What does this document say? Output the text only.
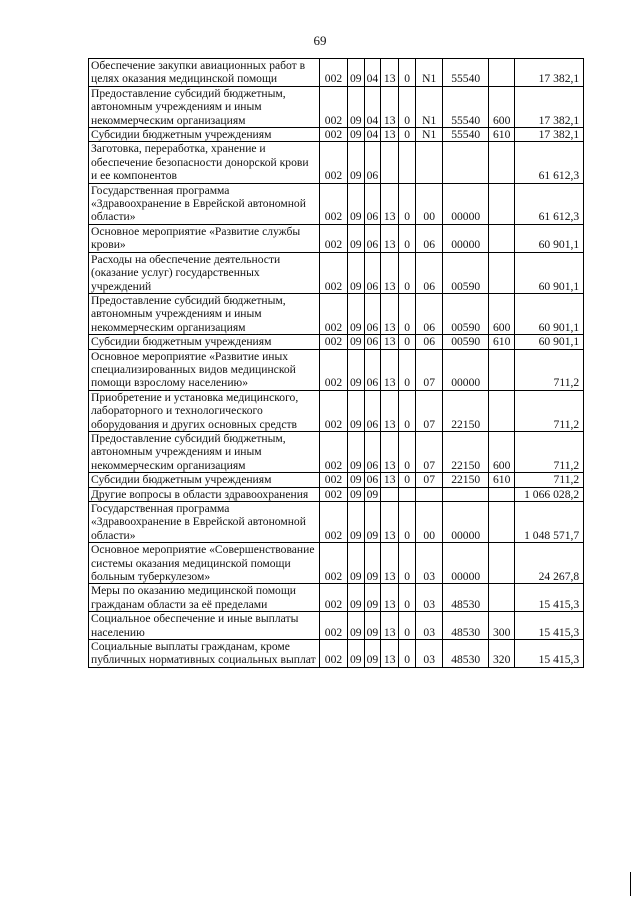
69
Обеспечение закупки авиационных работ в целях оказания медицинской помощи	002	09	04	13	0	N1	55540		17 382,1
Предоставление субсидий бюджетным, автономным учреждениям и иным некоммерческим организациям	002	09	04	13	0	N1	55540	600	17 382,1
Субсидии бюджетным учреждениям	002	09	04	13	0	N1	55540	610	17 382,1
Заготовка, переработка, хранение и обеспечение безопасности донорской крови и ее компонентов	002	09	06						61 612,3
Государственная программа «Здравоохранение в Еврейской автономной области»	002	09	06	13	0	00	00000		61 612,3
Основное мероприятие «Развитие службы крови»	002	09	06	13	0	06	00000		60 901,1
Расходы на обеспечение деятельности (оказание услуг) государственных учреждений	002	09	06	13	0	06	00590		60 901,1
Предоставление субсидий бюджетным, автономным учреждениям и иным некоммерческим организациям	002	09	06	13	0	06	00590	600	60 901,1
Субсидии бюджетным учреждениям	002	09	06	13	0	06	00590	610	60 901,1
Основное мероприятие «Развитие иных специализированных видов медицинской помощи взрослому населению»	002	09	06	13	0	07	00000		711,2
Приобретение и установка медицинского, лабораторного и технологического оборудования и других основных средств	002	09	06	13	0	07	22150		711,2
Предоставление субсидий бюджетным, автономным учреждениям и иным некоммерческим организациям	002	09	06	13	0	07	22150	600	711,2
Субсидии бюджетным учреждениям	002	09	06	13	0	07	22150	610	711,2
Другие вопросы в области здравоохранения	002	09	09						1 066 028,2
Государственная программа «Здравоохранение в Еврейской автономной области»	002	09	09	13	0	00	00000		1 048 571,7
Основное мероприятие «Совершенствование системы оказания медицинской помощи больным туберкулезом»	002	09	09	13	0	03	00000		24 267,8
Меры по оказанию медицинской помощи гражданам области за её пределами	002	09	09	13	0	03	48530		15 415,3
Социальное обеспечение и иные выплаты населению	002	09	09	13	0	03	48530	300	15 415,3
Социальные выплаты гражданам, кроме публичных нормативных социальных выплат	002	09	09	13	0	03	48530	320	15 415,3
